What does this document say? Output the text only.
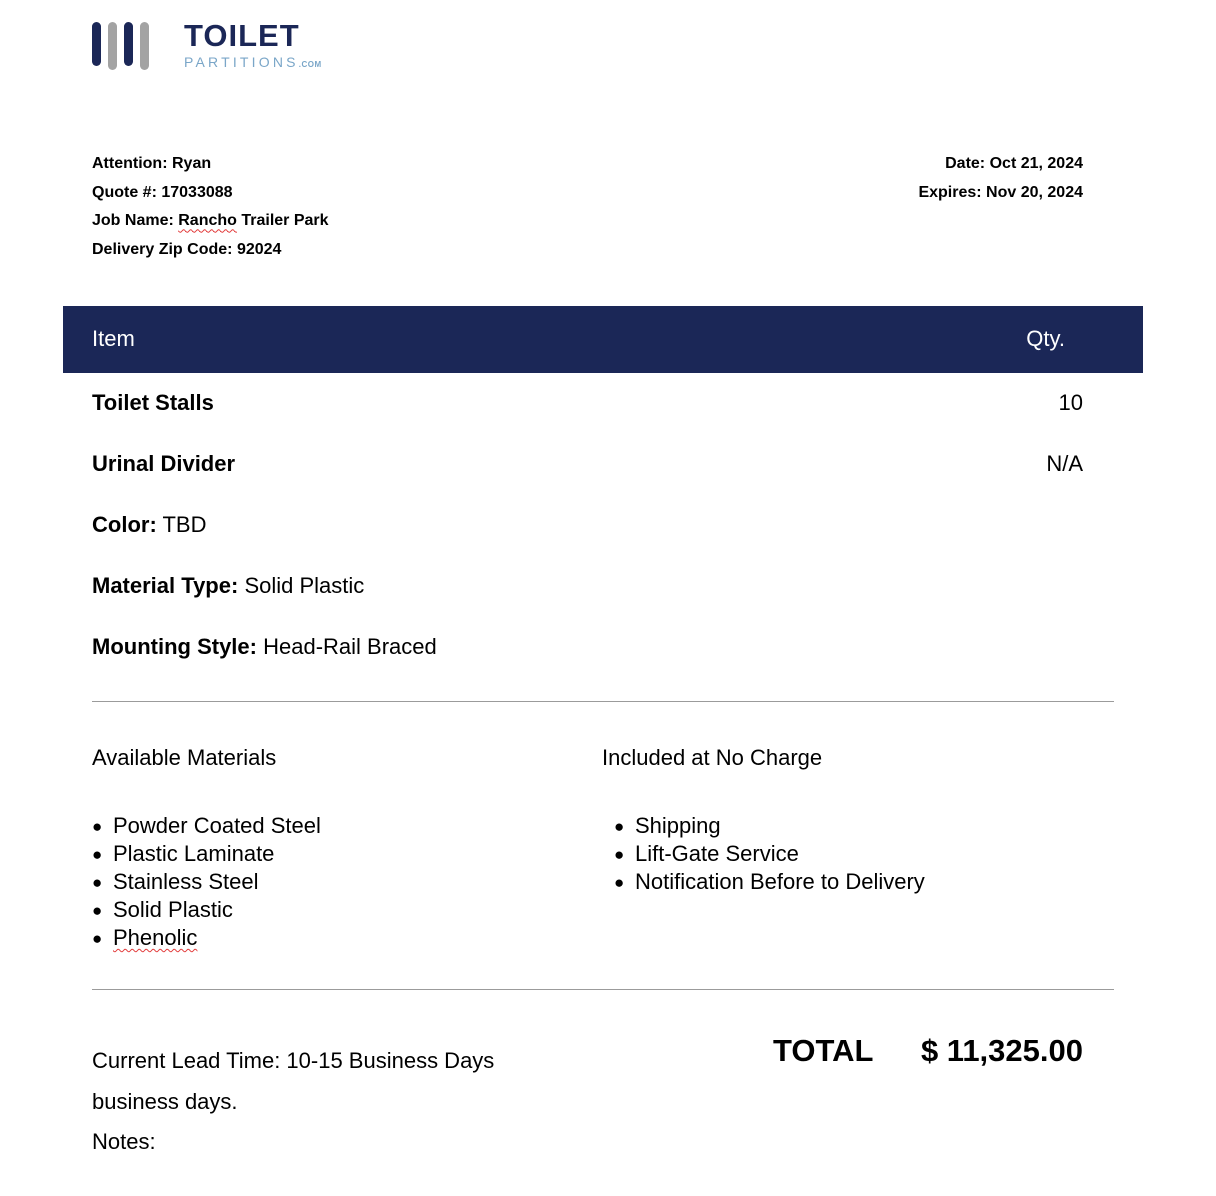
TOILET
PARTITIONS.COM
Attention: Ryan
Quote #: 17033088
Job Name: Rancho Trailer Park
Delivery Zip Code: 92024
Date: Oct 21, 2024
Expires: Nov 20, 2024
Item	Qty.
Toilet Stalls	10
Urinal Divider	N/A
Color: TBD
Material Type: Solid Plastic
Mounting Style: Head-Rail Braced
Available Materials
● Powder Coated Steel
● Plastic Laminate
● Stainless Steel
● Solid Plastic
● Phenolic
Included at No Charge
● Shipping
● Lift-Gate Service
● Notification Before to Delivery
Current Lead Time: 10-15 Business Days
business days.
Notes:
TOTAL $ 11,325.00
